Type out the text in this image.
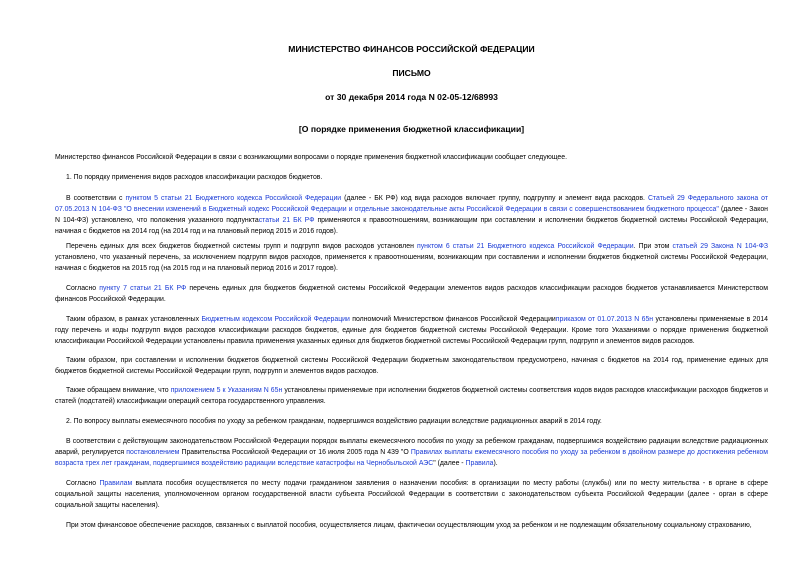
МИНИСТЕРСТВО ФИНАНСОВ РОССИЙСКОЙ ФЕДЕРАЦИИ
ПИСЬМО
от 30 декабря 2014 года N 02-05-12/68993
[О порядке применения бюджетной классификации]

Министерство финансов Российской Федерации в связи с возникающими вопросами о порядке применения бюджетной классификации сообщает следующее.

1. По порядку применения видов расходов классификации расходов бюджетов.

В соответствии с пунктом 5 статьи 21 Бюджетного кодекса Российской Федерации (далее - БК РФ) код вида расходов включает группу, подгруппу и элемент вида расходов. Статьей 29 Федерального закона от 07.05.2013 N 104-ФЗ "О внесении изменений в Бюджетный кодекс Российской Федерации и отдельные законодательные акты Российской Федерации в связи с совершенствованием бюджетного процесса" (далее - Закон N 104-ФЗ) установлено, что положения указанного подпунктастатьи 21 БК РФ применяются к правоотношениям, возникающим при составлении и исполнении бюджетов бюджетной системы Российской Федерации, начиная с бюджетов на 2014 год (на 2014 год и на плановый период 2015 и 2016 годов).

Перечень единых для всех бюджетов бюджетной системы групп и подгрупп видов расходов установлен пунктом 6 статьи 21 Бюджетного кодекса Российской Федерации. При этом статьей 29 Закона N 104-ФЗ установлено, что указанный перечень, за исключением подгрупп видов расходов, применяется к правоотношениям, возникающим при составлении и исполнении бюджетов бюджетной системы Российской Федерации, начиная с бюджетов на 2015 год (на 2015 год и на плановый период 2016 и 2017 годов).

Согласно пункту 7 статьи 21 БК РФ перечень единых для бюджетов бюджетной системы Российской Федерации элементов видов расходов классификации расходов бюджетов устанавливается Министерством финансов Российской Федерации.

Таким образом, в рамках установленных Бюджетным кодексом Российской Федерации полномочий Министерством финансов Российской Федерацииприказом от 01.07.2013 N 65н установлены применяемые в 2014 году перечень и коды подгрупп видов расходов классификации расходов бюджетов, единые для бюджетов бюджетной системы Российской Федерации. Кроме того Указаниями о порядке применения бюджетной классификации Российской Федерации установлены правила применения указанных единых для бюджетов бюджетной системы Российской Федерации групп, подгрупп и элементов видов расходов.

Таким образом, при составлении и исполнении бюджетов бюджетной системы Российской Федерации бюджетным законодательством предусмотрено, начиная с бюджетов на 2014 год, применение единых для бюджетов бюджетной системы Российской Федерации групп, подгрупп и элементов видов расходов.

Также обращаем внимание, что приложением 5 к Указаниям N 65н установлены применяемые при исполнении бюджетов бюджетной системы соответствия кодов видов расходов классификации расходов бюджетов и статей (подстатей) классификации операций сектора государственного управления.

2. По вопросу выплаты ежемесячного пособия по уходу за ребенком гражданам, подвергшимся воздействию радиации вследствие радиационных аварий в 2014 году.

В соответствии с действующим законодательством Российской Федерации порядок выплаты ежемесячного пособия по уходу за ребенком гражданам, подвергшимся воздействию радиации вследствие радиационных аварий, регулируется постановлением Правительства Российской Федерации от 16 июля 2005 года N 439 "О Правилах выплаты ежемесячного пособия по уходу за ребенком в двойном размере до достижения ребенком возраста трех лет гражданам, подвергшимся воздействию радиации вследствие катастрофы на Чернобыльской АЭС" (далее - Правила).

Согласно Правилам выплата пособия осуществляется по месту подачи гражданином заявления о назначении пособия: в организации по месту работы (службы) или по месту жительства - в органе в сфере социальной защиты населения, уполномоченном органом государственной власти субъекта Российской Федерации в соответствии с законодательством субъекта Российской Федерации (далее - орган в сфере социальной защиты населения).

При этом финансовое обеспечение расходов, связанных с выплатой пособия, осуществляется лицам, фактически осуществляющим уход за ребенком и не подлежащим обязательному социальному страхованию,
